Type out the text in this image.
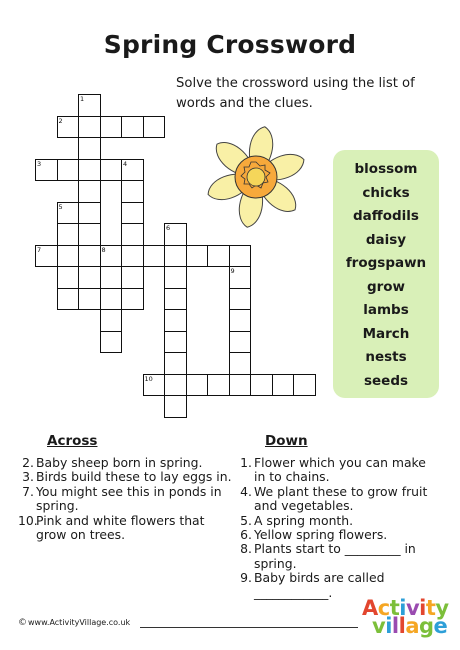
Spring Crossword
Solve the crossword using the list of words and the clues.
1
2
3	4
5
6
7	8
9
10
blossom
chicks
daffodils
daisy
frogspawn
grow
lambs
March
nests
seeds
Across
2. Baby sheep born in spring.
3. Birds build these to lay eggs in.
7. You might see this in ponds in spring.
10.
Pink and white flowers that grow on trees.
Down
1. Flower which you can make in to chains.
4. We plant these to grow fruit and vegetables.
5. A spring month.
6. Yellow spring flowers.
8. Plants start to _________ in spring.
9. Baby birds are called ____________.
© www.ActivityVillage.co.uk
Activity
village
